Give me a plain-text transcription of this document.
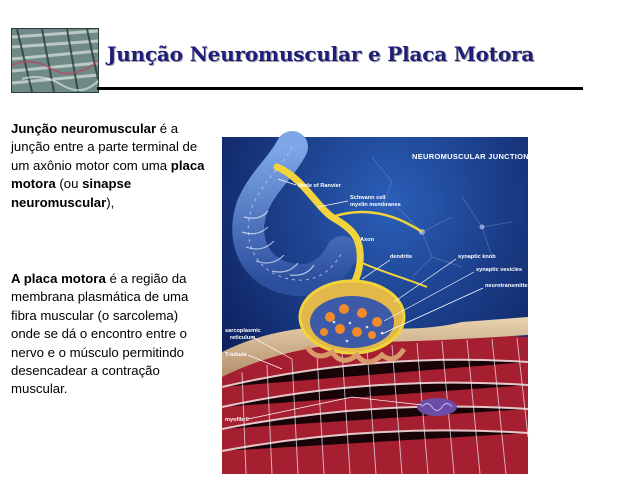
Junção Neuromuscular e Placa Motora

Junção neuromuscular é a junção entre a parte terminal de um axônio motor com uma placa motora (ou sinapse neuromuscular),

A placa motora é a região da membrana plasmática de uma fibra muscular (o sarcolema) onde se dá o encontro entre o nervo e o músculo permitindo desencadear a contração muscular.

NEUROMUSCULAR JUNCTION
Node of Ranvier
Schwann cell
myelin membranes
Axon
dendrite	synaptic knob
synaptic vesicles
neurotransmitters
sarcoplasmic
reticulum
T-tubule
myofibril
